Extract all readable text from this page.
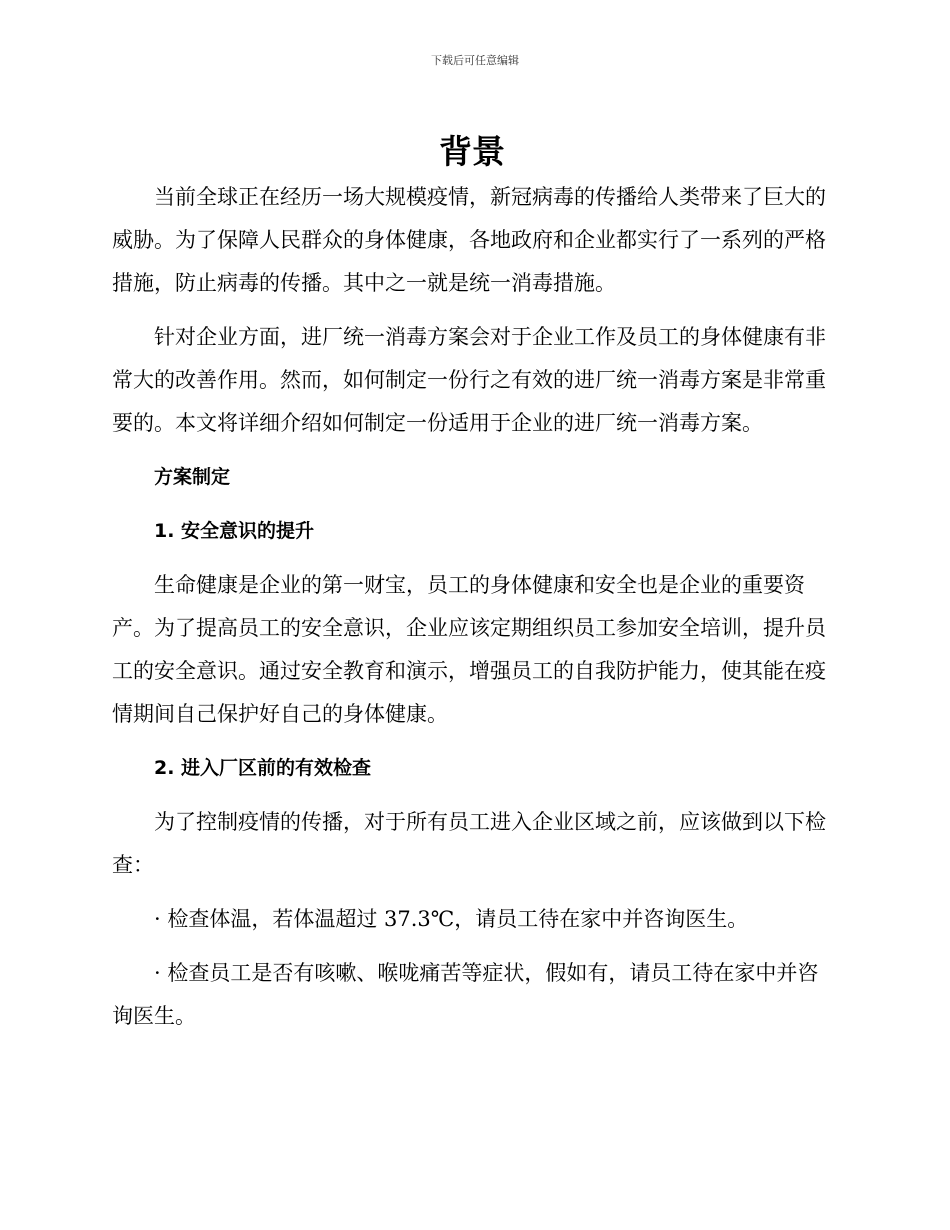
下载后可任意编辑
背景

当前全球正在经历一场大规模疫情，新冠病毒的传播给人类带来了巨大的威胁。为了保障人民群众的身体健康，各地政府和企业都实行了一系列的严格措施，防止病毒的传播。其中之一就是统一消毒措施。

针对企业方面，进厂统一消毒方案会对于企业工作及员工的身体健康有非常大的改善作用。然而，如何制定一份行之有效的进厂统一消毒方案是非常重要的。本文将详细介绍如何制定一份适用于企业的进厂统一消毒方案。

方案制定

1. 安全意识的提升

生命健康是企业的第一财宝，员工的身体健康和安全也是企业的重要资产。为了提高员工的安全意识，企业应该定期组织员工参加安全培训，提升员工的安全意识。通过安全教育和演示，增强员工的自我防护能力，使其能在疫情期间自己保护好自己的身体健康。

2. 进入厂区前的有效检查

为了控制疫情的传播，对于所有员工进入企业区域之前，应该做到以下检查：

· 检查体温，若体温超过 37.3℃，请员工待在家中并咨询医生。

· 检查员工是否有咳嗽、喉咙痛苦等症状，假如有，请员工待在家中并咨询医生。
